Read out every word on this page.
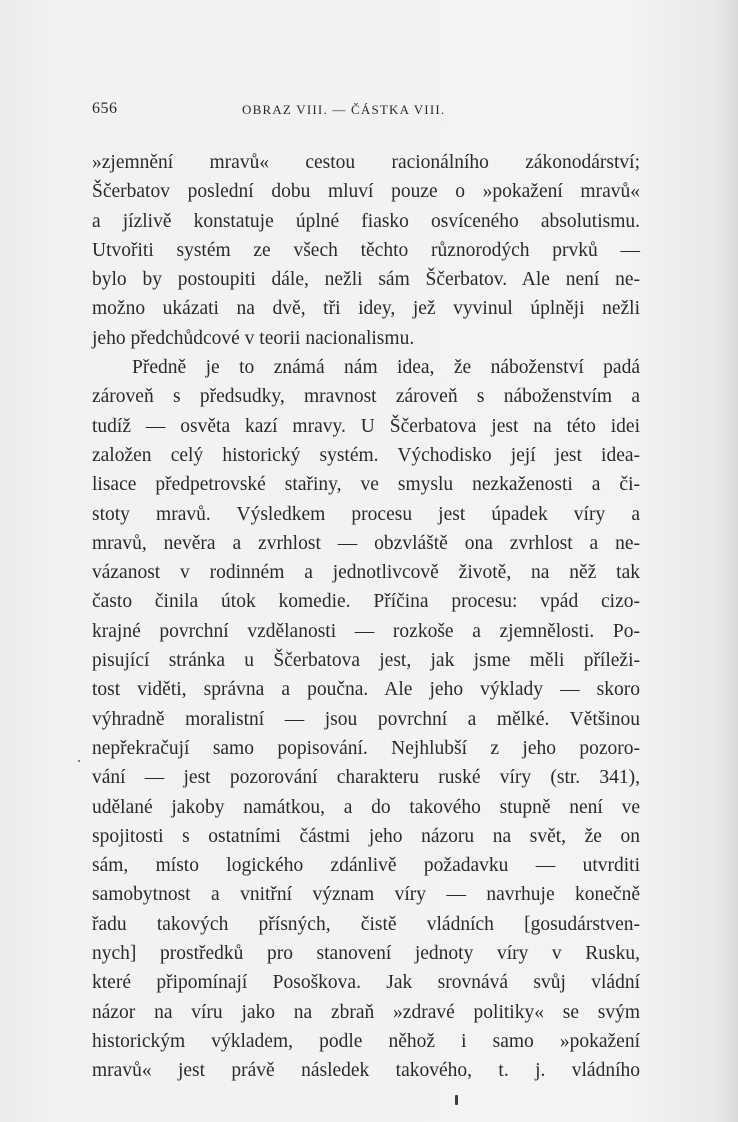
656	OBRAZ VIII. — ČÁSTKA VIII.
»zjemnění mravů« cestou racionálního zákonodárství;
Ščerbatov poslední dobu mluví pouze o »pokažení mravů«
a jízlivě konstatuje úplné fiasko osvíceného absolutismu.
Utvořiti systém ze všech těchto různorodých prvků —
bylo by postoupiti dále, nežli sám Ščerbatov. Ale není ne-
možno ukázati na dvě, tři idey, jež vyvinul úplněji nežli
jeho předchůdcové v teorii nacionalismu.
Předně je to známá nám idea, že náboženství padá
zároveň s předsudky, mravnost zároveň s náboženstvím a
tudíž — osvěta kazí mravy. U Ščerbatova jest na této idei
založen celý historický systém. Východisko její jest idea-
lisace předpetrovské stařiny, ve smyslu nezkaženosti a či-
stoty mravů. Výsledkem procesu jest úpadek víry a
mravů, nevěra a zvrhlost — obzvláště ona zvrhlost a ne-
vázanost v rodinném a jednotlivcově životě, na něž tak
často činila útok komedie. Příčina procesu: vpád cizo-
krajné povrchní vzdělanosti — rozkoše a zjemnělosti. Po-
pisující stránka u Ščerbatova jest, jak jsme měli příleži-
tost viděti, správna a poučna. Ale jeho výklady — skoro
výhradně moralistní — jsou povrchní a mělké. Většinou
nepřekračují samo popisování. Nejhlubší z jeho pozoro-
vání — jest pozorování charakteru ruské víry (str. 341),
udělané jakoby namátkou, a do takového stupně není ve
spojitosti s ostatními částmi jeho názoru na svět, že on
sám, místo logického zdánlivě požadavku — utvrditi
samobytnost a vnitřní význam víry — navrhuje konečně
řadu takových přísných, čistě vládních [gosudárstven-
nych] prostředků pro stanovení jednoty víry v Rusku,
které připomínají Posoškova. Jak srovnává svůj vládní
názor na víru jako na zbraň »zdravé politiky« se svým
historickým výkladem, podle něhož i samo »pokažení
mravů« jest právě následek takového, t. j. vládního
